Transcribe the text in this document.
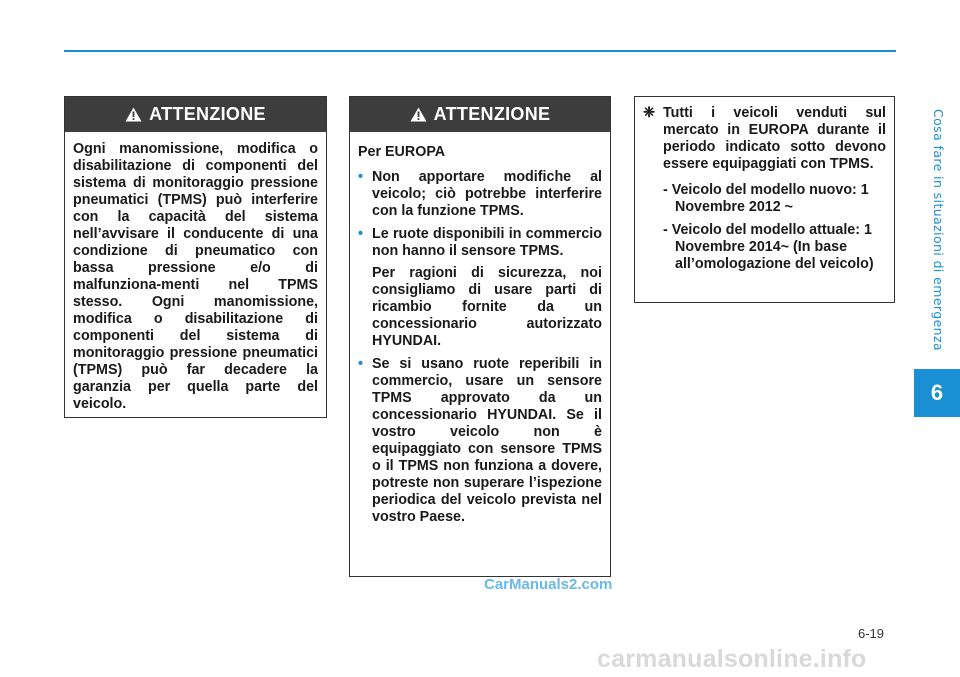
Cosa fare in situazioni di emergenza
6
ATTENZIONE

Ogni manomissione, modifica o disabilitazione di componenti del sistema di monitoraggio pressione pneumatici (TPMS) può interferire con la capacità del sistema nell’avvisare il conducente di una condizione di pneumatico con bassa pressione e/o di malfunziona-menti nel TPMS stesso. Ogni manomissione, modifica o disabilitazione di componenti del sistema di monitoraggio pressione pneumatici (TPMS) può far decadere la garanzia per quella parte del veicolo.

ATTENZIONE

Per EUROPA

• Non apportare modifiche al veicolo; ciò potrebbe interferire con la funzione TPMS.
• Le ruote disponibili in commercio non hanno il sensore TPMS.

Per ragioni di sicurezza, noi consigliamo di usare parti di ricambio fornite da un concessionario autorizzato HYUNDAI.

• Se si usano ruote reperibili in commercio, usare un sensore TPMS approvato da un concessionario HYUNDAI. Se il vostro veicolo non è equipaggiato con sensore TPMS o il TPMS non funziona a dovere, potreste non superare l’ispezione periodica del veicolo prevista nel vostro Paese.

❈ Tutti i veicoli venduti sul mercato in EUROPA durante il periodo indicato sotto devono essere equipaggiati con TPMS.

- Veicolo del modello nuovo: 1 Novembre 2012 ~

- Veicolo del modello attuale: 1 Novembre 2014~ (In base all’omologazione del veicolo)

CarManuals2.com
6-19
carmanualsonline.info
